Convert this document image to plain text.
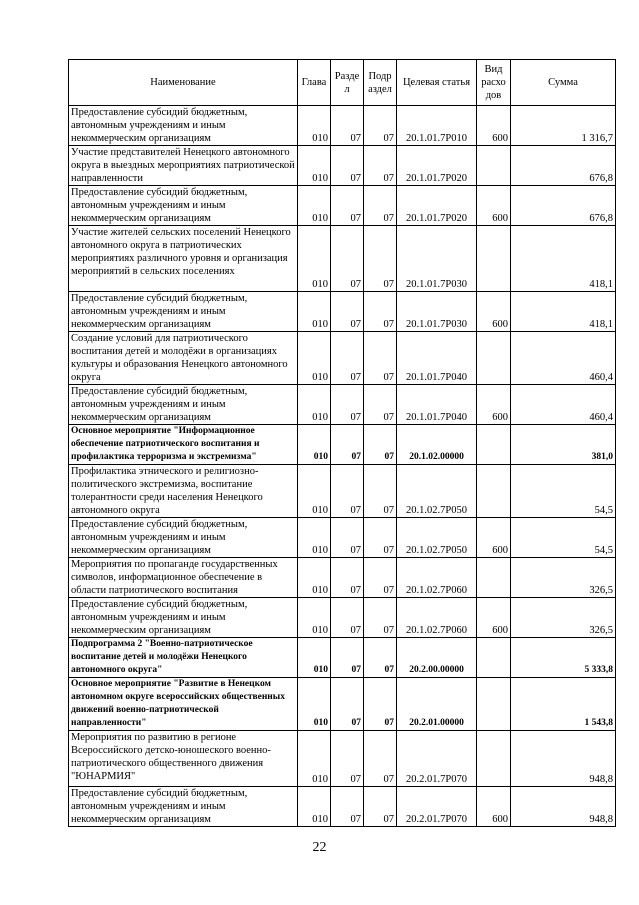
Наименование	Глава	Разде л	Подр аздел	Целевая статья	Вид расхо дов	Сумма
Предоставление субсидий бюджетным, автономным учреждениям и иным некоммерческим организациям	010	07	07	20.1.01.7Р010	600	1 316,7
Участие представителей Ненецкого автономного округа в выездных мероприятиях патриотической направленности	010	07	07	20.1.01.7Р020		676,8
Предоставление субсидий бюджетным, автономным учреждениям и иным некоммерческим организациям	010	07	07	20.1.01.7Р020	600	676,8
Участие жителей сельских поселений Ненецкого автономного округа в патриотических мероприятиях различного уровня и организация мероприятий в сельских поселениях	010	07	07	20.1.01.7Р030		418,1
Предоставление субсидий бюджетным, автономным учреждениям и иным некоммерческим организациям	010	07	07	20.1.01.7Р030	600	418,1
Создание условий для патриотического воспитания детей и молодёжи в организациях культуры и образования Ненецкого автономного округа	010	07	07	20.1.01.7Р040		460,4
Предоставление субсидий бюджетным, автономным учреждениям и иным некоммерческим организациям	010	07	07	20.1.01.7Р040	600	460,4
Основное мероприятие "Информационное обеспечение патриотического воспитания и профилактика терроризма и экстремизма"	010	07	07	20.1.02.00000		381,0
Профилактика этнического и религиозно-политического экстремизма, воспитание толерантности среди населения Ненецкого автономного округа	010	07	07	20.1.02.7Р050		54,5
Предоставление субсидий бюджетным, автономным учреждениям и иным некоммерческим организациям	010	07	07	20.1.02.7Р050	600	54,5
Мероприятия по пропаганде государственных символов, информационное обеспечение в области патриотического воспитания	010	07	07	20.1.02.7Р060		326,5
Предоставление субсидий бюджетным, автономным учреждениям и иным некоммерческим организациям	010	07	07	20.1.02.7Р060	600	326,5
Подпрограмма 2 "Военно-патриотическое воспитание детей и молодёжи Ненецкого автономного округа"	010	07	07	20.2.00.00000		5 333,8
Основное мероприятие "Развитие в Ненецком автономном округе всероссийских общественных движений военно-патриотической направленности"	010	07	07	20.2.01.00000		1 543,8
Мероприятия по развитию в регионе Всероссийского детско-юношеского военно-патриотического общественного движения "ЮНАРМИЯ"	010	07	07	20.2.01.7Р070		948,8
Предоставление субсидий бюджетным, автономным учреждениям и иным некоммерческим организациям	010	07	07	20.2.01.7Р070	600	948,8
22
